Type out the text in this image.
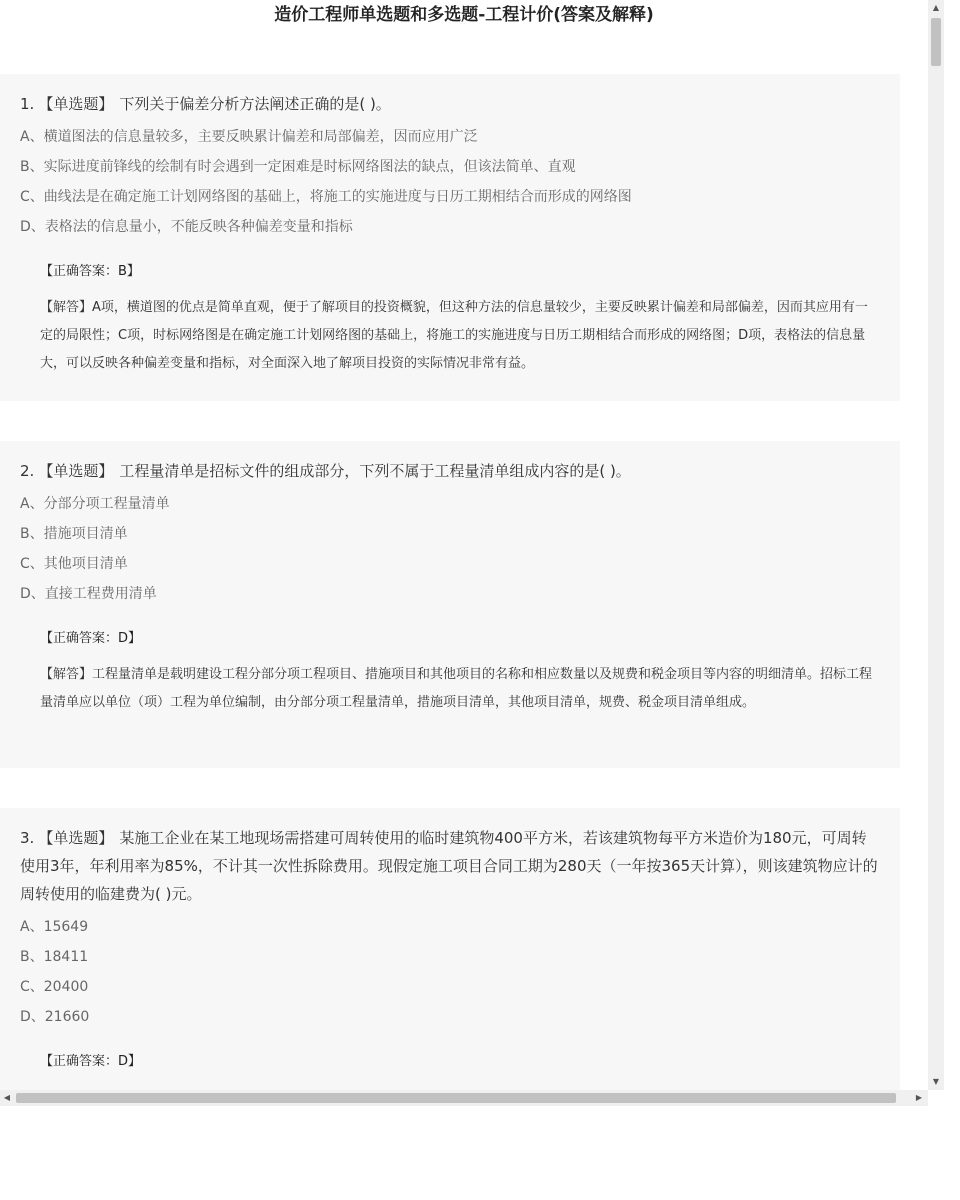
造价工程师单选题和多选题-工程计价(答案及解释)
1. 【单选题】 下列关于偏差分析方法阐述正确的是( )。
A、横道图法的信息量较多，主要反映累计偏差和局部偏差，因而应用广泛
B、实际进度前锋线的绘制有时会遇到一定困难是时标网络图法的缺点，但该法简单、直观
C、曲线法是在确定施工计划网络图的基础上，将施工的实施进度与日历工期相结合而形成的网络图
D、表格法的信息量小，不能反映各种偏差变量和指标
【正确答案：B】
【解答】A项，横道图的优点是简单直观，便于了解项目的投资概貌，但这种方法的信息量较少，主要反映累计偏差和局部偏差，因而其应用有一定的局限性；C项，时标网络图是在确定施工计划网络图的基础上，将施工的实施进度与日历工期相结合而形成的网络图；D项，表格法的信息量大，可以反映各种偏差变量和指标，对全面深入地了解项目投资的实际情况非常有益。
2. 【单选题】 工程量清单是招标文件的组成部分，下列不属于工程量清单组成内容的是( )。
A、分部分项工程量清单
B、措施项目清单
C、其他项目清单
D、直接工程费用清单
【正确答案：D】
【解答】工程量清单是载明建设工程分部分项工程项目、措施项目和其他项目的名称和相应数量以及规费和税金项目等内容的明细清单。招标工程量清单应以单位（项）工程为单位编制，由分部分项工程量清单，措施项目清单，其他项目清单，规费、税金项目清单组成。
3. 【单选题】 某施工企业在某工地现场需搭建可周转使用的临时建筑物400平方米，若该建筑物每平方米造价为180元，可周转使用3年，年利用率为85%，不计其一次性拆除费用。现假定施工项目合同工期为280天（一年按365天计算），则该建筑物应计的周转使用的临建费为( )元。
A、15649
B、18411
C、20400
D、21660
【正确答案：D】
▲
▼
◀	▶
